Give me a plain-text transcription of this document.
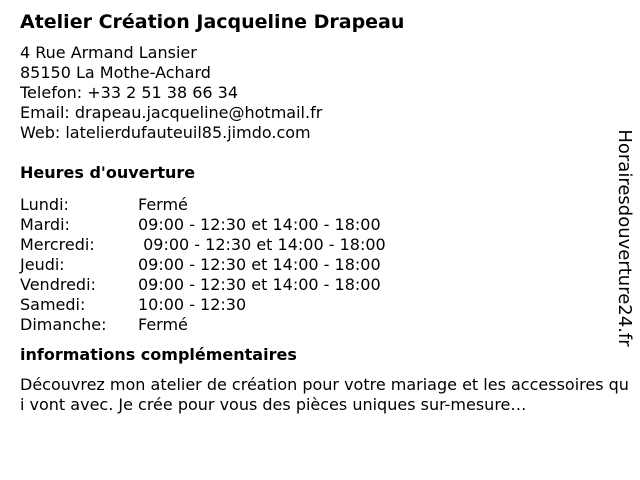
Atelier Création Jacqueline Drapeau
4 Rue Armand Lansier
85150 La Mothe-Achard
Telefon: +33 2 51 38 66 34
Email: drapeau.jacqueline@hotmail.fr
Web: latelierdufauteuil85.jimdo.com
Heures d'ouverture
Lundi:	Fermé
Mardi:	09:00 - 12:30 et 14:00 - 18:00
Mercredi:	09:00 - 12:30 et 14:00 - 18:00
Jeudi:	09:00 - 12:30 et 14:00 - 18:00
Vendredi:	09:00 - 12:30 et 14:00 - 18:00
Samedi:	10:00 - 12:30
Dimanche:	Fermé
informations complémentaires
Découvrez mon atelier de création pour votre mariage et les accessoires qui vont avec. Je crée pour vous des pièces uniques sur-mesure…
Horairesdouverture24.fr
